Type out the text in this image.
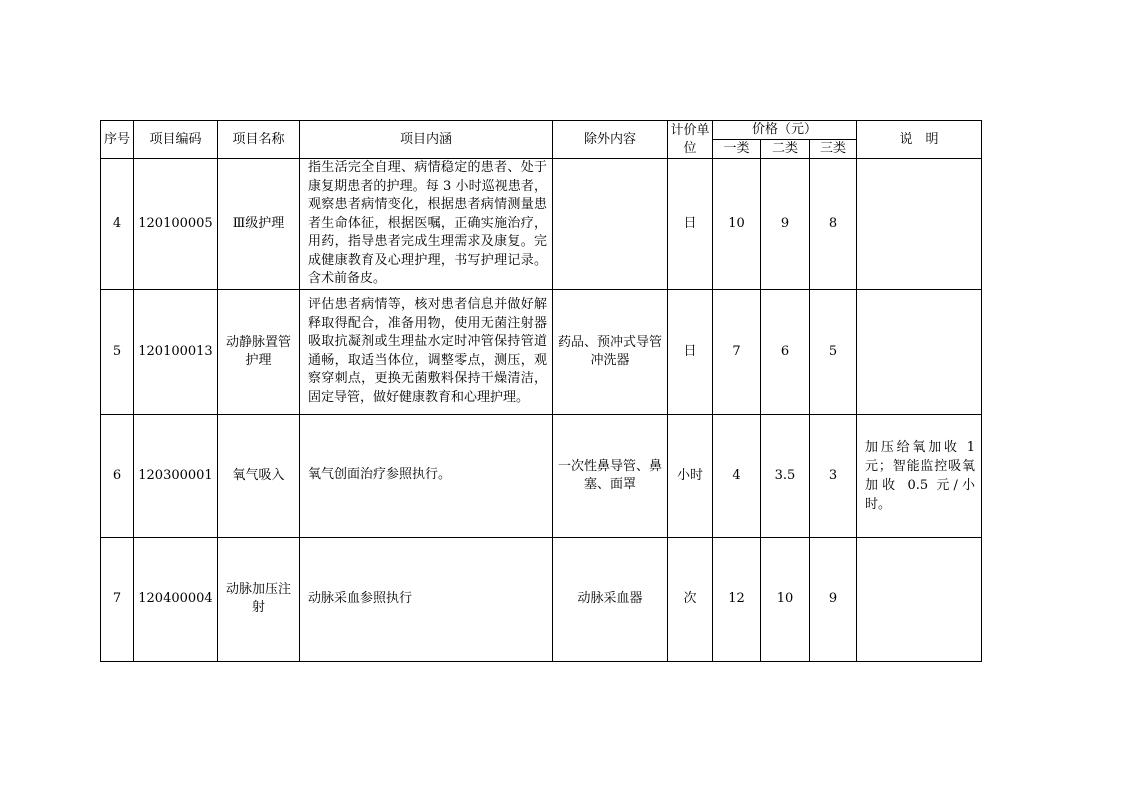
序号	项目编码	项目名称	项目内涵	除外内容	计价单位	价格（元）			说　明
						一类	二类	三类	
4	120100005	Ⅲ级护理	指生活完全自理、病情稳定的患者、处于康复期患者的护理。每 3 小时巡视患者，观察患者病情变化，根据患者病情测量患者生命体征，根据医嘱，正确实施治疗，用药，指导患者完成生理需求及康复。完成健康教育及心理护理，书写护理记录。含术前备皮。		日	10	9	8	
5	120100013	动静脉置管护理	评估患者病情等，核对患者信息并做好解释取得配合，准备用物，使用无菌注射器吸取抗凝剂或生理盐水定时冲管保持管道通畅，取适当体位，调整零点，测压，观察穿刺点，更换无菌敷料保持干燥清洁，固定导管，做好健康教育和心理护理。	药品、预冲式导管冲洗器	日	7	6	5	
6	120300001	氧气吸入	氧气创面治疗参照执行。	一次性鼻导管、鼻塞、面罩	小时	4	3.5	3	加压给氧加收 1 元；智能监控吸氧加收 0.5 元/小时。
7	120400004	动脉加压注射	动脉采血参照执行	动脉采血器	次	12	10	9	
